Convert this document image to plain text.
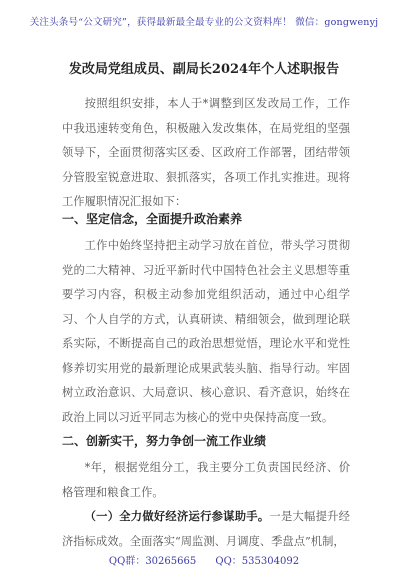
关注头条号“公文研究”，获得最新最全最专业的公文资料库！ 微信：gongwenyj
发改局党组成员、副局长2024年个人述职报告
按照组织安排，本人于*调整到区发改局工作，工作中我迅速转变角色，积极融入发改集体，在局党组的坚强领导下，全面贯彻落实区委、区政府工作部署，团结带领分管股室锐意进取、狠抓落实，各项工作扎实推进。现将工作履职情况汇报如下：
一、坚定信念，全面提升政治素养
工作中始终坚持把主动学习放在首位，带头学习贯彻党的二大精神、习近平新时代中国特色社会主义思想等重要学习内容，积极主动参加党组织活动，通过中心组学习、个人自学的方式，认真研读、精细领会，做到理论联系实际，不断提高自己的政治思想觉悟，理论水平和党性修养切实用党的最新理论成果武装头脑、指导行动。牢固树立政治意识、大局意识、核心意识、看齐意识，始终在政治上同以习近平同志为核心的党中央保持高度一致。
二、创新实干，努力争创一流工作业绩
*年，根据党组分工，我主要分工负责国民经济、价格管理和粮食工作。
（一）全力做好经济运行参谋助手。一是大幅提升经济指标成效。全面落实“周监测、月调度、季盘点”机制，
QQ群：30265665 QQ：535304092
